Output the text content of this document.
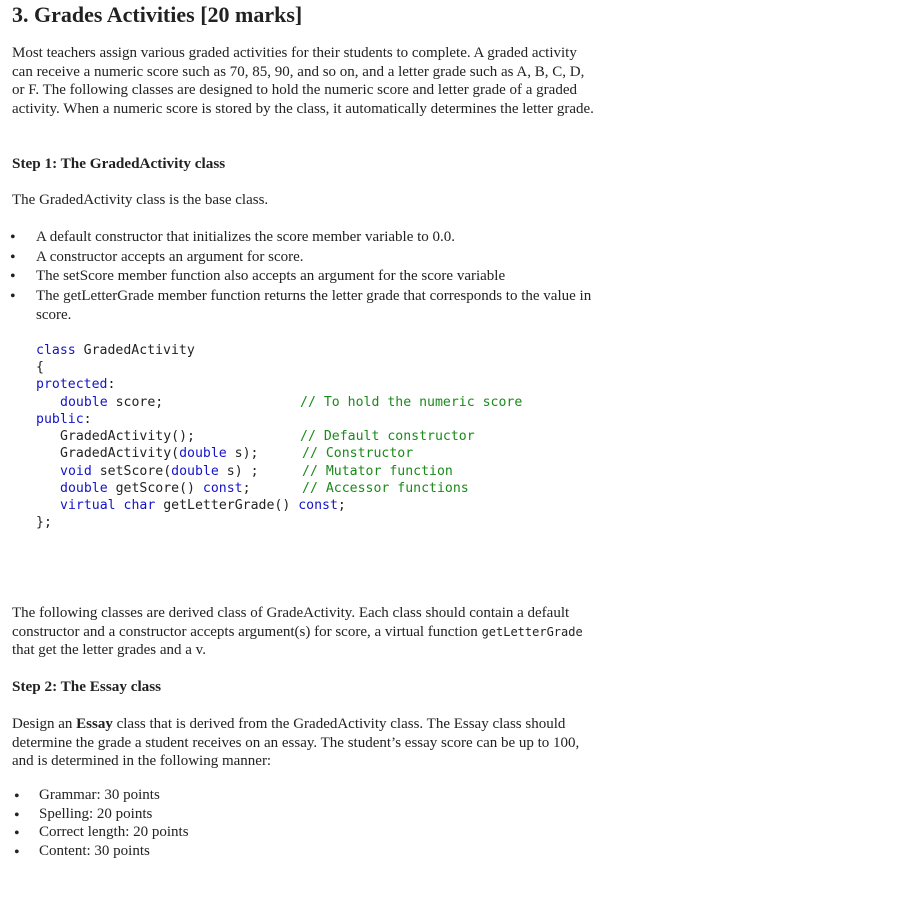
3. Grades Activities [20 marks]
Most teachers assign various graded activities for their students to complete. A graded activity
can receive a numeric score such as 70, 85, 90, and so on, and a letter grade such as A, B, C, D,
or F. The following classes are designed to hold the numeric score and letter grade of a graded
activity. When a numeric score is stored by the class, it automatically determines the letter grade.
Step 1: The GradedActivity class
The GradedActivity class is the base class.
• A default constructor that initializes the score member variable to 0.0.
• A constructor accepts an argument for score.
• The setScore member function also accepts an argument for the score variable
• The getLetterGrade member function returns the letter grade that corresponds to the value in
score.
class GradedActivity
{
protected:
double score;	// To hold the numeric score
public:
GradedActivity();	// Default constructor
GradedActivity(double s);	// Constructor
void setScore(double s) ;	// Mutator function
double getScore() const;	// Accessor functions
virtual char getLetterGrade() const;
};
The following classes are derived class of GradeActivity. Each class should contain a default
constructor and a constructor accepts argument(s) for score, a virtual function getLetterGrade
that get the letter grades and a v.
Step 2: The Essay class
Design an Essay class that is derived from the GradedActivity class. The Essay class should
determine the grade a student receives on an essay. The student’s essay score can be up to 100,
and is determined in the following manner:
• Grammar: 30 points
• Spelling: 20 points
• Correct length: 20 points
• Content: 30 points
